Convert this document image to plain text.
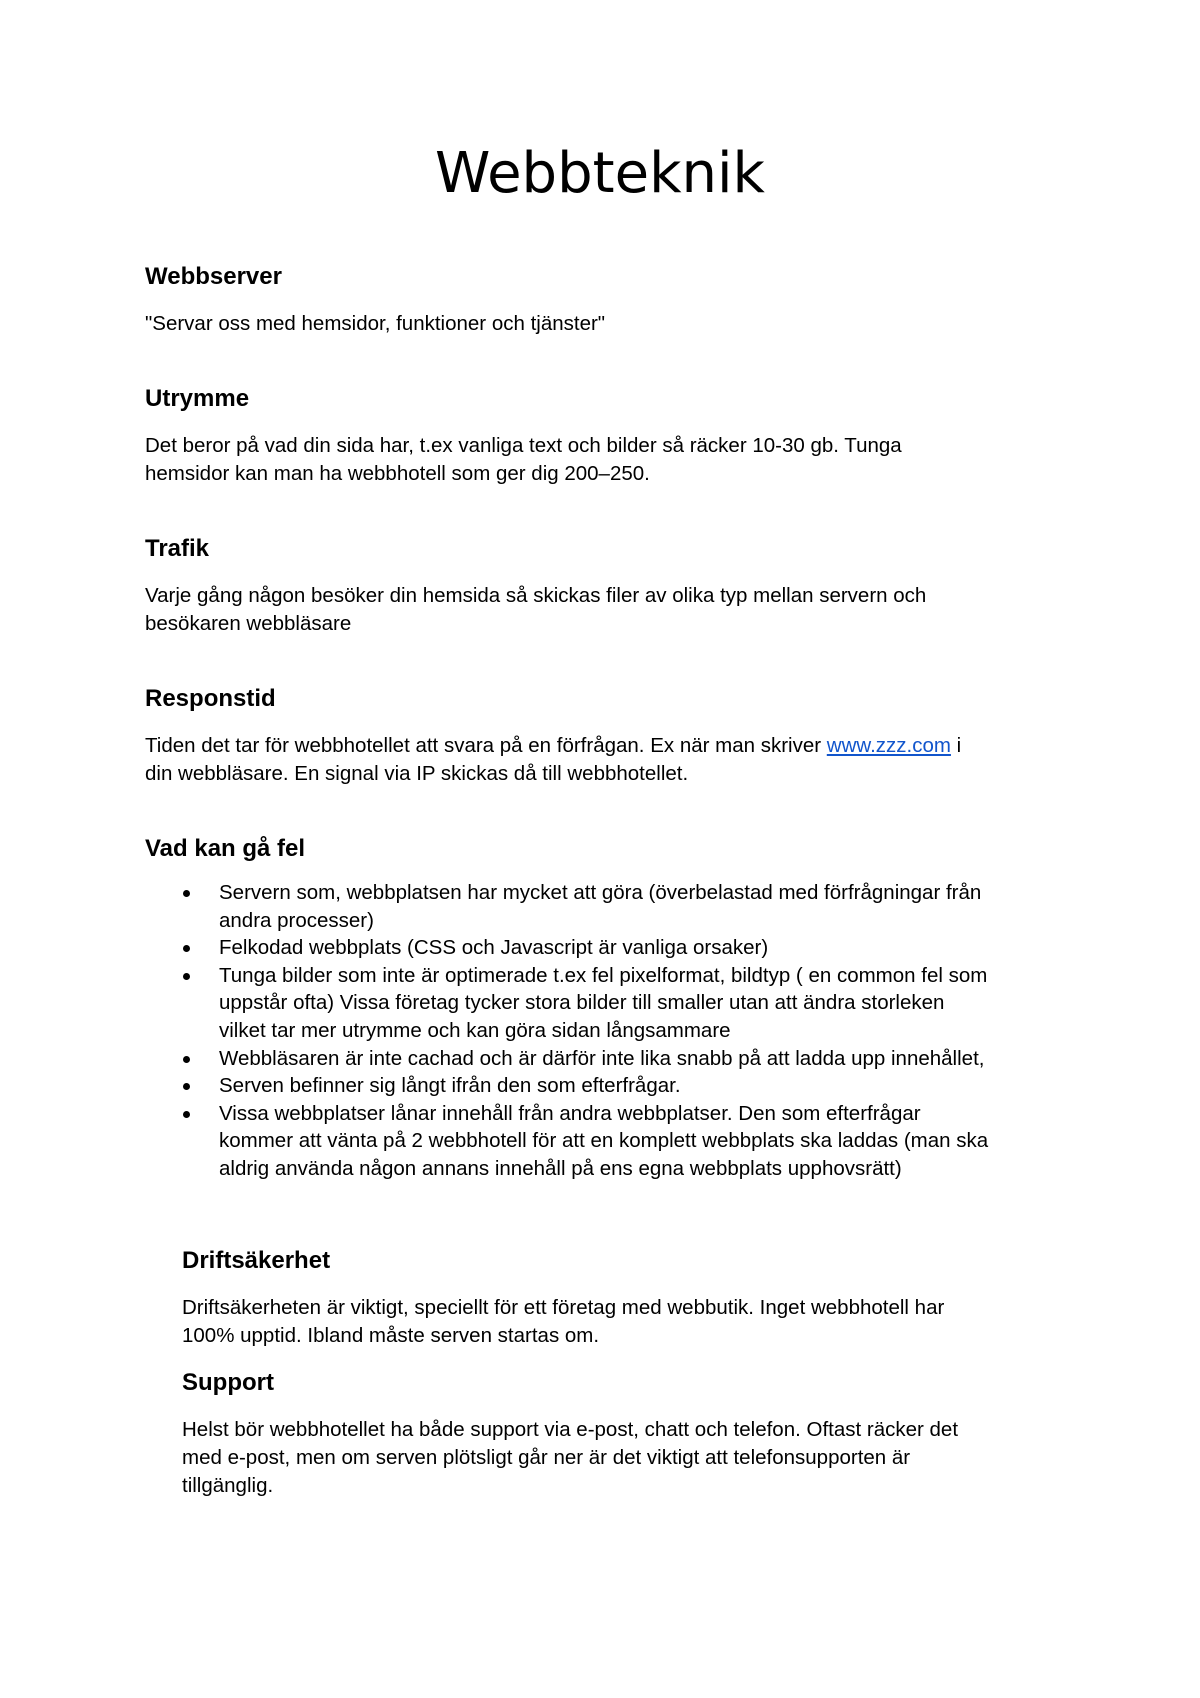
Webbteknik
Webbserver

"Servar oss med hemsidor, funktioner och tjänster"

Utrymme

Det beror på vad din sida har, t.ex vanliga text och bilder så räcker 10-30 gb. Tunga

hemsidor kan man ha webbhotell som ger dig 200–250.

Trafik

Varje gång någon besöker din hemsida så skickas filer av olika typ mellan servern och

besökaren webbläsare

Responstid

Tiden det tar för webbhotellet att svara på en förfrågan. Ex när man skriver www.zzz.com i

din webbläsare. En signal via IP skickas då till webbhotellet.

Vad kan gå fel
Servern som, webbplatsen har mycket att göra (överbelastad med förfrågningar från
andra processer)
Felkodad webbplats (CSS och Javascript är vanliga orsaker)
Tunga bilder som inte är optimerade t.ex fel pixelformat, bildtyp ( en common fel som
uppstår ofta) Vissa företag tycker stora bilder till smaller utan att ändra storleken
vilket tar mer utrymme och kan göra sidan långsammare
Webbläsaren är inte cachad och är därför inte lika snabb på att ladda upp innehållet,
Serven befinner sig långt ifrån den som efterfrågar.
Vissa webbplatser lånar innehåll från andra webbplatser. Den som efterfrågar
kommer att vänta på 2 webbhotell för att en komplett webbplats ska laddas (man ska
aldrig använda någon annans innehåll på ens egna webbplats upphovsrätt)
Driftsäkerhet

Driftsäkerheten är viktigt, speciellt för ett företag med webbutik. Inget webbhotell har

100% upptid. Ibland måste serven startas om.

Support

Helst bör webbhotellet ha både support via e-post, chatt och telefon. Oftast räcker det

med e-post, men om serven plötsligt går ner är det viktigt att telefonsupporten är

tillgänglig.
